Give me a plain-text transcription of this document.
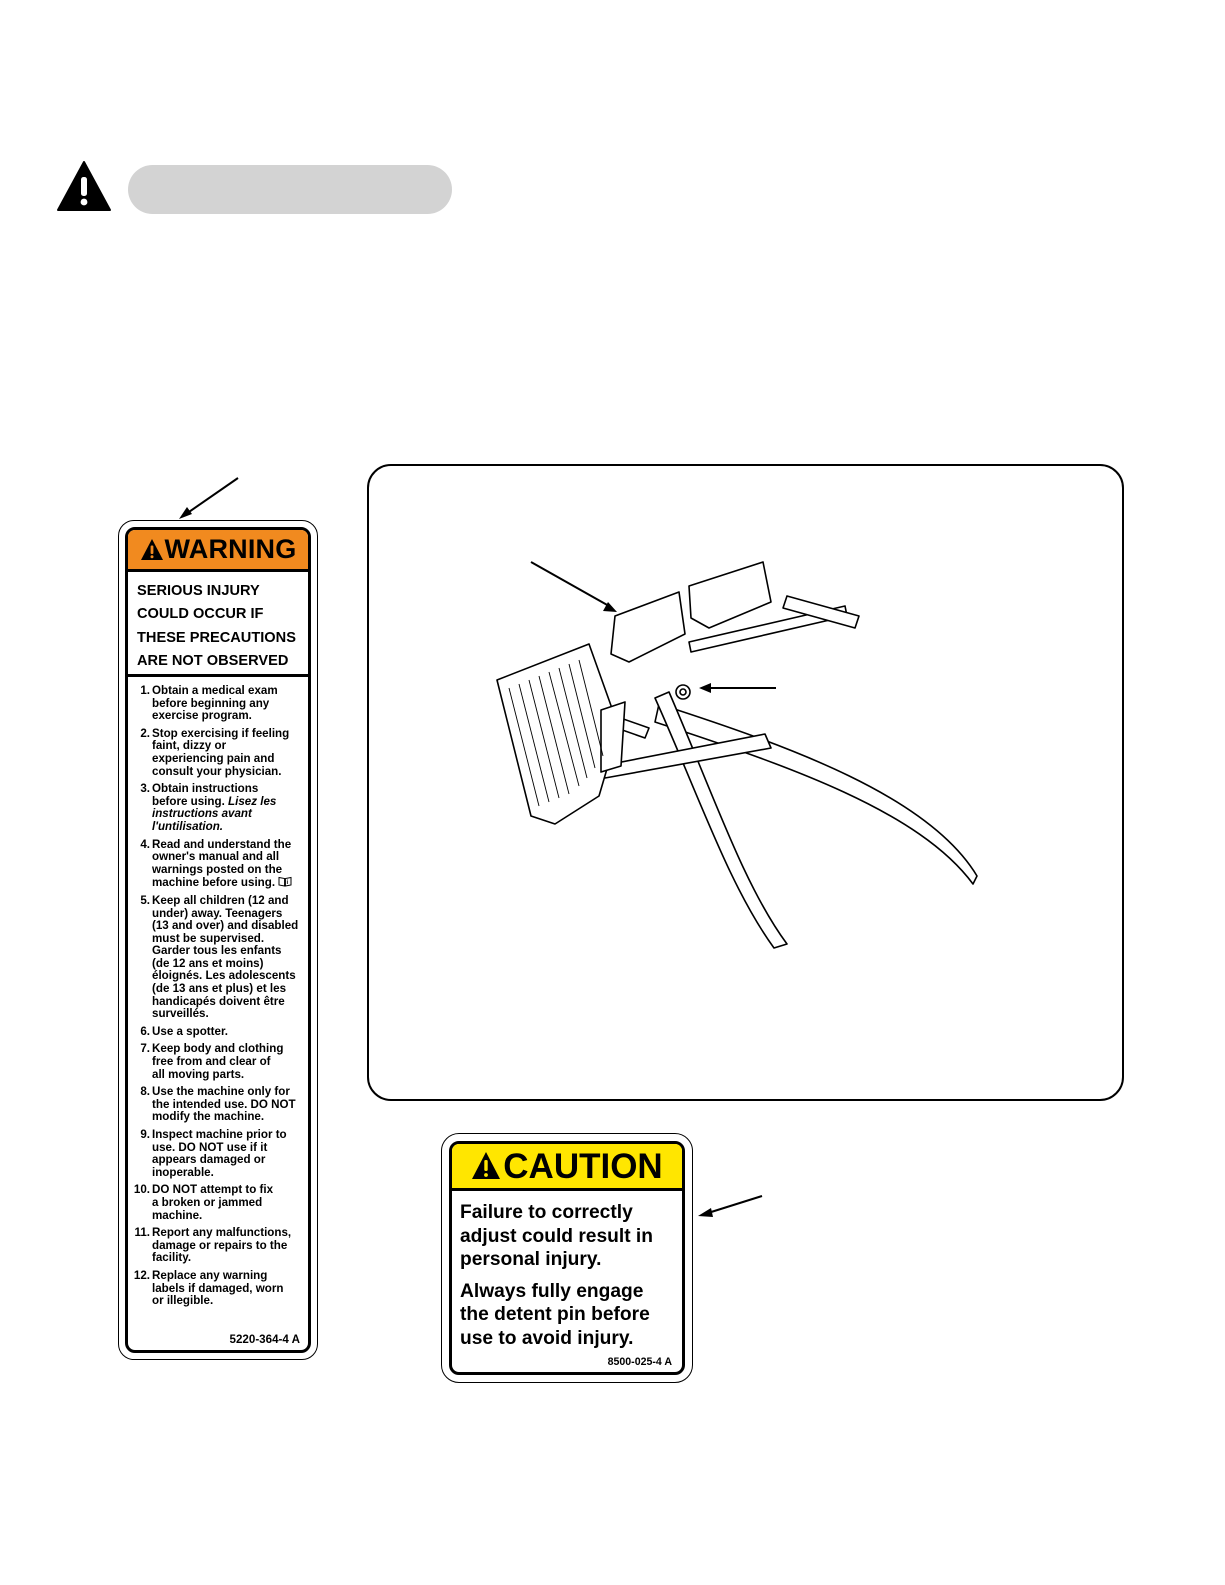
WARNING
SERIOUS INJURY
COULD OCCUR IF
THESE PRECAUTIONS
ARE NOT OBSERVED
1. Obtain a medical exam
before beginning any
exercise program.
2. Stop exercising if feeling
faint, dizzy or
experiencing pain and
consult your physician.
3. Obtain instructions
before using. Lisez les
instructions avant
l'untilisation.
4. Read and understand the
owner's manual and all
warnings posted on the
machine before using. i
5. Keep all children (12 and
under) away. Teenagers
(13 and over) and disabled
must be supervised.
Garder tous les enfants
(de 12 ans et moins)
éloignés. Les adolescents
(de 13 ans et plus) et les
handicapés doivent être
surveillés.
6. Use a spotter.
7. Keep body and clothing
free from and clear of
all moving parts.
8. Use the machine only for
the intended use. DO NOT
modify the machine.
9. Inspect machine prior to
use. DO NOT use if it
appears damaged or
inoperable.
10. DO NOT attempt to fix
a broken or jammed
machine.
11. Report any malfunctions,
damage or repairs to the
facility.
12. Replace any warning
labels if damaged, worn
or illegible.
5220-364-4 A
CAUTION

Failure to correctly
adjust could result in
personal injury.

Always fully engage
the detent pin before
use to avoid injury.

8500-025-4 A
